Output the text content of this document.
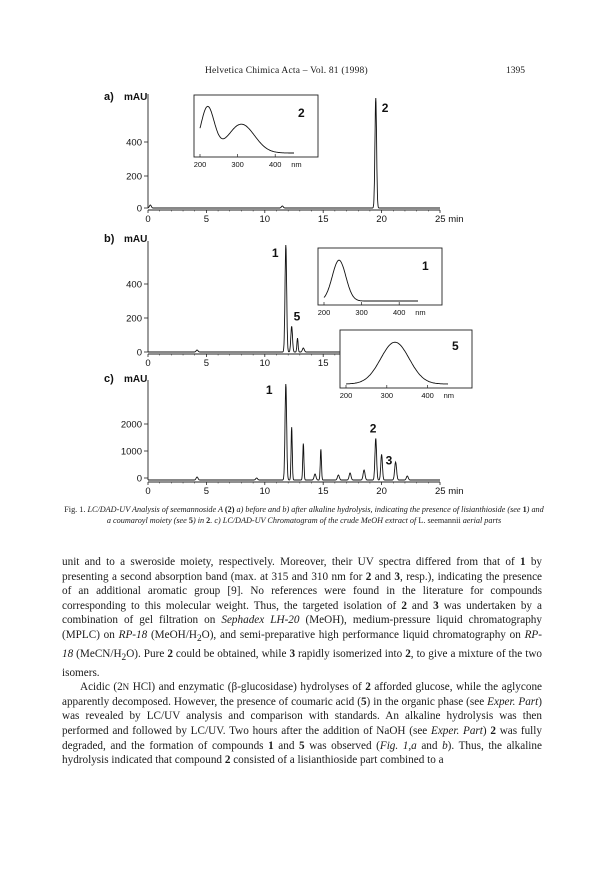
Helvetica Chimica Acta – Vol. 81 (1998)	1395
a) mAU
0
200
400
0	5	10	15	20	25 min
2
200	300	400 nm
2
b) mAU
0
200
400
0	5	10	15
1
5 200	300	400 nm
1
200	300	400 nm
5
c) mAU
0
1000
2000
0	5	10	15	20	25 min
1
2
3
Fig. 1. LC/DAD-UV Analysis of seemannoside A (2) a) before and b) after alkaline hydrolysis, indicating the presence of lisianthioside (see 1) and a coumaroyl moiety (see 5) in 2. c) LC/DAD-UV Chromatogram of the crude MeOH extract of L. seemannii aerial parts

unit and to a sweroside moiety, respectively. Moreover, their UV spectra differed from that of 1 by presenting a second absorption band (max. at 315 and 310 nm for 2 and 3, resp.), indicating the presence of an additional aromatic group [9]. No references were found in the literature for compounds corresponding to this molecular weight. Thus, the targeted isolation of 2 and 3 was undertaken by a combination of gel filtration on Sephadex LH-20 (MeOH), medium-pressure liquid chromatography (MPLC) on RP-18 $(MeOH/H_2O)$, and semi-preparative high performance liquid chromatography on RP-18 $(MeCN/H_2O)$. Pure 2 could be obtained, while 3 rapidly isomerized into 2, to give a mixture of the two isomers.

Acidic (2N HCl) and enzymatic (β-glucosidase) hydrolyses of 2 afforded glucose, while the aglycone apparently decomposed. However, the presence of coumaric acid (5) in the organic phase (see Exper. Part) was revealed by LC/UV analysis and comparison with standards. An alkaline hydrolysis was then performed and followed by LC/UV. Two hours after the addition of NaOH (see Exper. Part) 2 was fully degraded, and the formation of compounds 1 and 5 was observed (Fig. 1,a and b). Thus, the alkaline hydrolysis indicated that compound 2 consisted of a lisianthioside part combined to a
